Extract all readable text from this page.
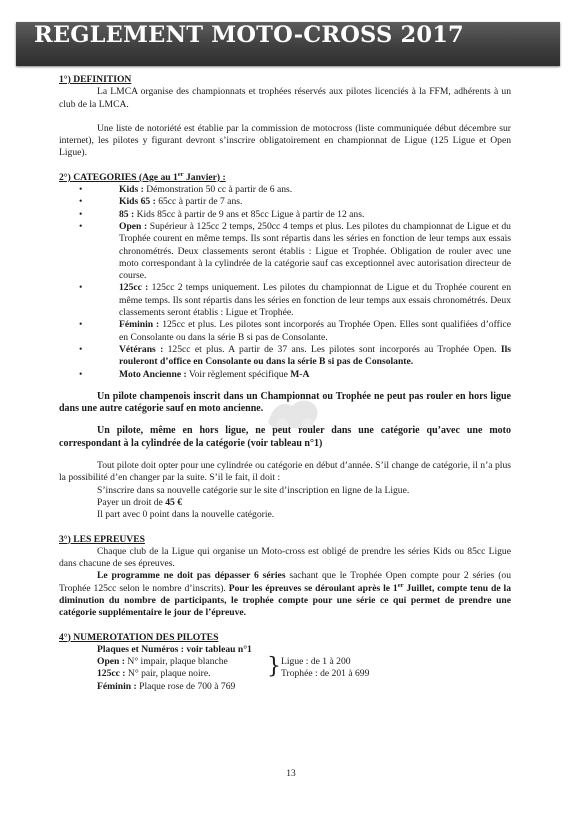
REGLEMENT MOTO-CROSS 2017

1°) DEFINITION

La LMCA organise des championnats et trophées réservés aux pilotes licenciés à la FFM, adhérents à un club de la LMCA.

Une liste de notoriété est établie par la commission de motocross (liste communiquée début décembre sur internet), les pilotes y figurant devront s’inscrire obligatoirement en championnat de Ligue (125 Ligue et Open Ligue).

2°) CATEGORIES (Age au 1er Janvier) :

•	Kids : Démonstration 50 cc à partir de 6 ans.
•	Kids 65 : 65cc à partir de 7 ans.
•	85 : Kids 85cc à partir de 9 ans et 85cc Ligue à partir de 12 ans.
•	Open : Supérieur à 125cc 2 temps, 250cc 4 temps et plus. Les pilotes du championnat de Ligue et du Trophée courent en même temps. Ils sont répartis dans les séries en fonction de leur temps aux essais chronométrés. Deux classements seront établis : Ligue et Trophée. Obligation de rouler avec une moto correspondant à la cylindrée de la catégorie sauf cas exceptionnel avec autorisation directeur de course.
•	125cc : 125cc 2 temps uniquement. Les pilotes du championnat de Ligue et du Trophée courent en même temps. Ils sont répartis dans les séries en fonction de leur temps aux essais chronométrés. Deux classements seront établis : Ligue et Trophée.
•	Féminin : 125cc et plus. Les pilotes sont incorporés au Trophée Open. Elles sont qualifiées d’office en Consolante ou dans la série B si pas de Consolante.
•	Vétérans : 125cc et plus. A partir de 37 ans. Les pilotes sont incorporés au Trophée Open. Ils rouleront d’office en Consolante ou dans la série B si pas de Consolante.
•	Moto Ancienne : Voir règlement spécifique M-A

Un pilote champenois inscrit dans un Championnat ou Trophée ne peut pas rouler en hors ligue dans une autre catégorie sauf en moto ancienne.

Un pilote, même en hors ligue, ne peut rouler dans une catégorie qu’avec une moto correspondant à la cylindrée de la catégorie (voir tableau n°1)

Tout pilote doit opter pour une cylindrée ou catégorie en début d’année. S’il change de catégorie, il n’a plus la possibilité d’en changer par la suite. S’il le fait, il doit :

S’inscrire dans sa nouvelle catégorie sur le site d’inscription en ligne de la Ligue.

Payer un droit de 45 €

Il part avec 0 point dans la nouvelle catégorie.

3°) LES EPREUVES

Chaque club de la Ligue qui organise un Moto-cross est obligé de prendre les séries Kids ou 85cc Ligue dans chacune de ses épreuves.

Le programme ne doit pas dépasser 6 séries sachant que le Trophée Open compte pour 2 séries (ou Trophée 125cc selon le nombre d’inscrits). Pour les épreuves se déroulant après le 1er Juillet, compte tenu de la diminution du nombre de participants, le trophée compte pour une série ce qui permet de prendre une catégorie supplémentaire le jour de l’épreuve.

4°) NUMEROTATION DES PILOTES

Plaques et Numéros : voir tableau n°1

Open : N° impair, plaque blanche

125cc : N° pair, plaque noire.	} Ligue : de 1 à 200

Trophée : de 201 à 699

Féminin : Plaque rose de 700 à 769

13
